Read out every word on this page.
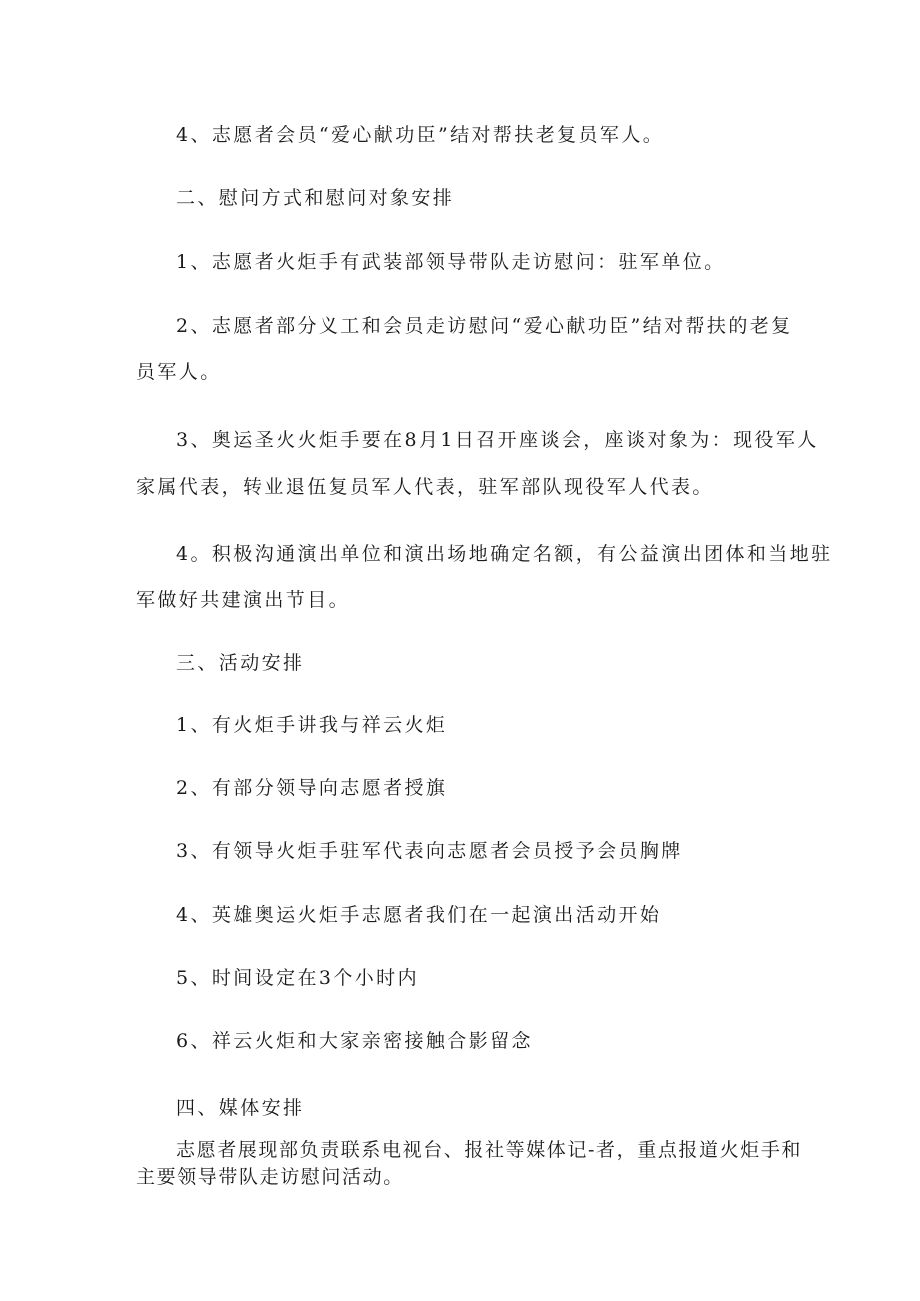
4、志愿者会员“爱心献功臣”结对帮扶老复员军人。
二、慰问方式和慰问对象安排
1、志愿者火炬手有武装部领导带队走访慰问：驻军单位。
2、志愿者部分义工和会员走访慰问“爱心献功臣”结对帮扶的老复
员军人。
3、奥运圣火火炬手要在8月1日召开座谈会，座谈对象为：现役军人
家属代表，转业退伍复员军人代表，驻军部队现役军人代表。
4。积极沟通演出单位和演出场地确定名额，有公益演出团体和当地驻
军做好共建演出节目。
三、活动安排
1、有火炬手讲我与祥云火炬
2、有部分领导向志愿者授旗
3、有领导火炬手驻军代表向志愿者会员授予会员胸牌
4、英雄奥运火炬手志愿者我们在一起演出活动开始
5、时间设定在3个小时内
6、祥云火炬和大家亲密接触合影留念
四、媒体安排
志愿者展现部负责联系电视台、报社等媒体记-者，重点报道火炬手和
主要领导带队走访慰问活动。
